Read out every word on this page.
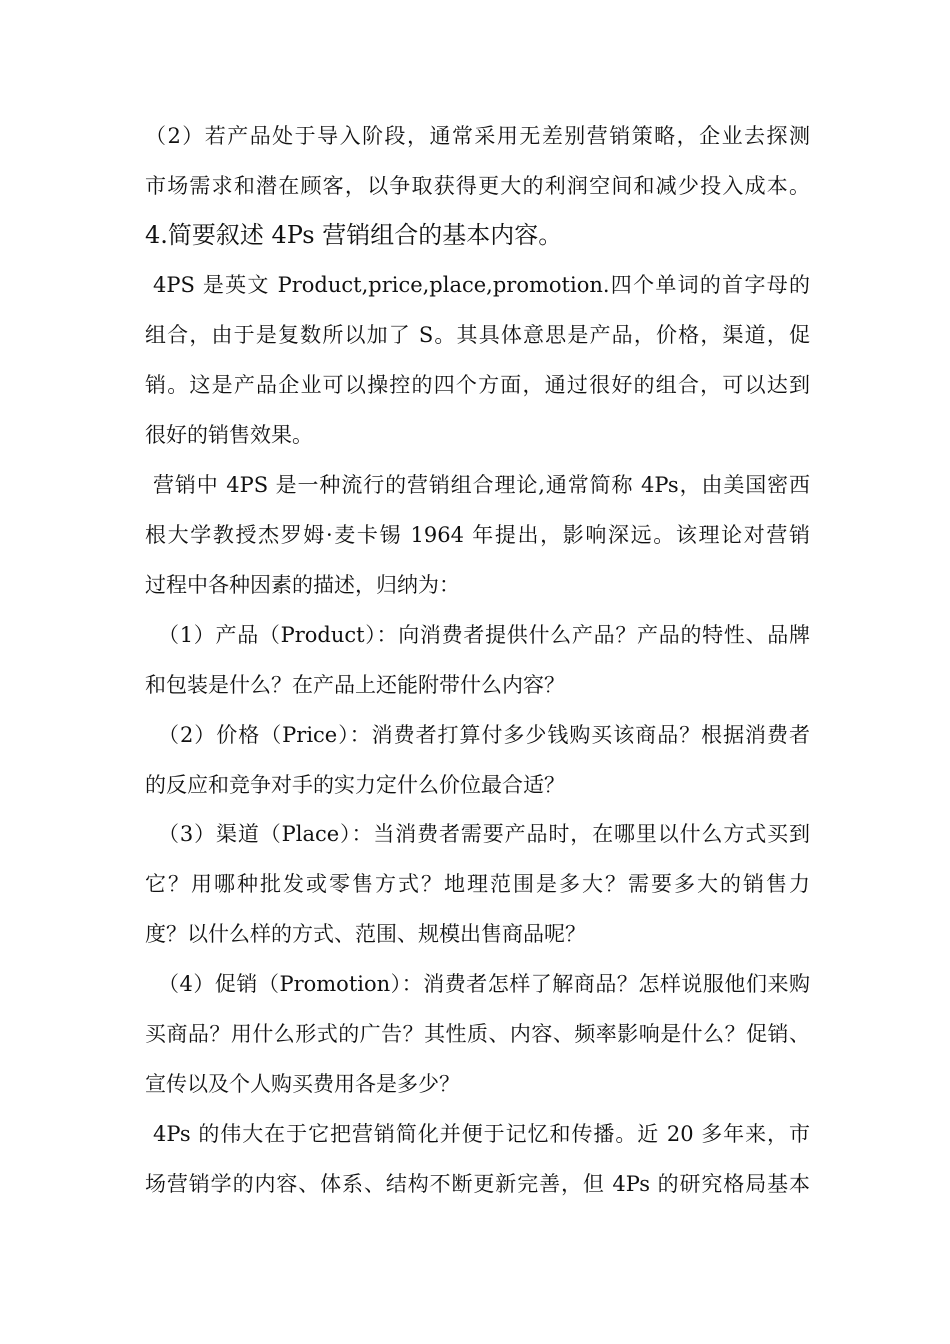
（2）若产品处于导入阶段，通常采用无差别营销策略，企业去探测
市场需求和潜在顾客，以争取获得更大的利润空间和减少投入成本。
4.简要叙述 4Ps 营销组合的基本内容。
4PS 是英文 Product,price,place,promotion.四个单词的首字母的
组合，由于是复数所以加了 S。其具体意思是产品，价格，渠道，促
销。这是产品企业可以操控的四个方面，通过很好的组合，可以达到
很好的销售效果。
营销中 4PS 是一种流行的营销组合理论,通常简称 4Ps，由美国密西
根大学教授杰罗姆·麦卡锡 1964 年提出，影响深远。该理论对营销
过程中各种因素的描述，归纳为：
（1）产品（Product）：向消费者提供什么产品？产品的特性、品牌
和包装是什么？在产品上还能附带什么内容？
（2）价格（Price）：消费者打算付多少钱购买该商品？根据消费者
的反应和竞争对手的实力定什么价位最合适？
（3）渠道（Place）：当消费者需要产品时，在哪里以什么方式买到
它？用哪种批发或零售方式？地理范围是多大？需要多大的销售力
度？以什么样的方式、范围、规模出售商品呢？
（4）促销（Promotion）：消费者怎样了解商品？怎样说服他们来购
买商品？用什么形式的广告？其性质、内容、频率影响是什么？促销、
宣传以及个人购买费用各是多少？
4Ps 的伟大在于它把营销简化并便于记忆和传播。近 20 多年来，市
场营销学的内容、体系、结构不断更新完善，但 4Ps 的研究格局基本
